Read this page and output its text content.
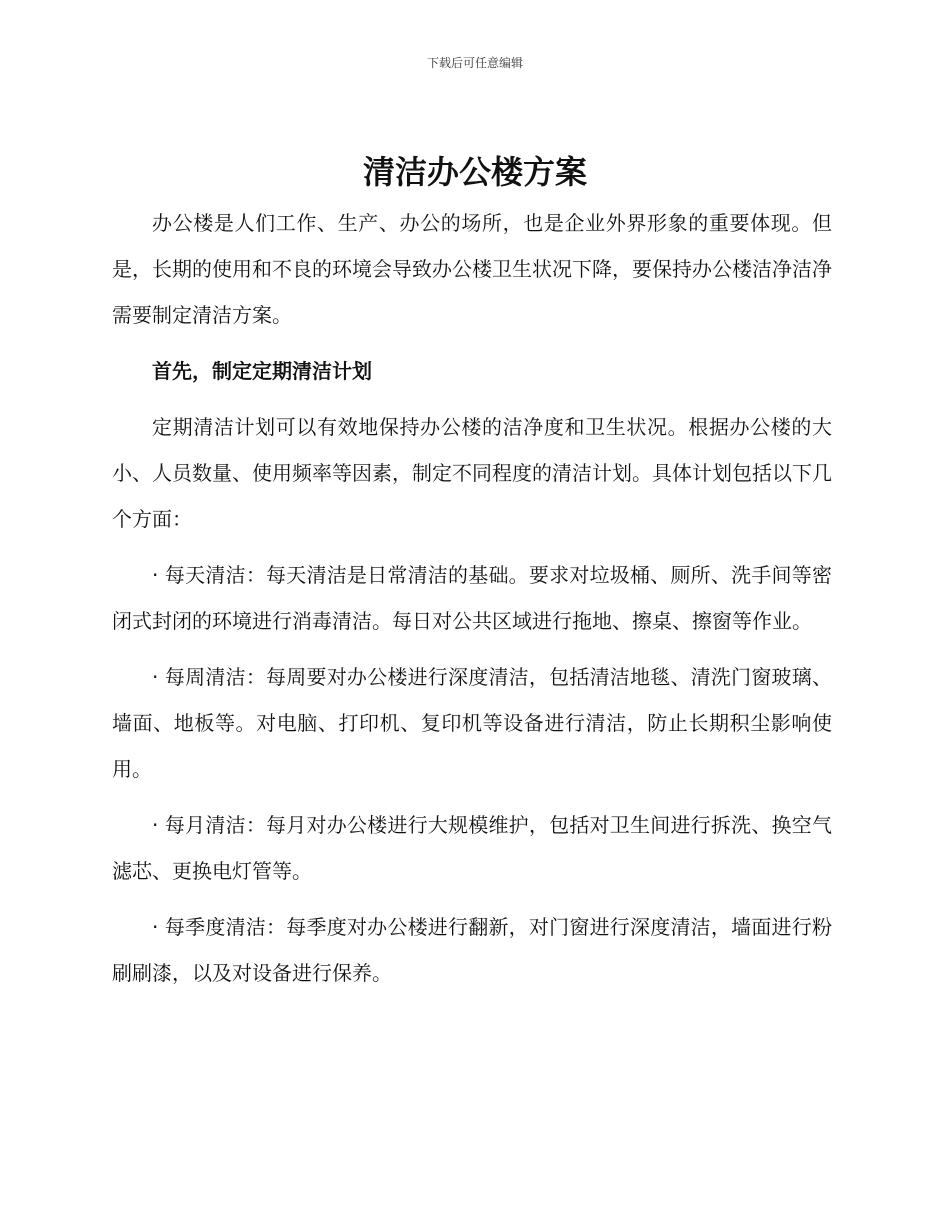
下载后可任意编辑
清洁办公楼方案

办公楼是人们工作、生产、办公的场所，也是企业外界形象的重要体现。但是，长期的使用和不良的环境会导致办公楼卫生状况下降，要保持办公楼洁净洁净需要制定清洁方案。

首先，制定定期清洁计划

定期清洁计划可以有效地保持办公楼的洁净度和卫生状况。根据办公楼的大小、人员数量、使用频率等因素，制定不同程度的清洁计划。具体计划包括以下几个方面：

· 每天清洁：每天清洁是日常清洁的基础。要求对垃圾桶、厕所、洗手间等密闭式封闭的环境进行消毒清洁。每日对公共区域进行拖地、擦桌、擦窗等作业。

· 每周清洁：每周要对办公楼进行深度清洁，包括清洁地毯、清洗门窗玻璃、墙面、地板等。对电脑、打印机、复印机等设备进行清洁，防止长期积尘影响使用。

· 每月清洁：每月对办公楼进行大规模维护，包括对卫生间进行拆洗、换空气滤芯、更换电灯管等。

· 每季度清洁：每季度对办公楼进行翻新，对门窗进行深度清洁，墙面进行粉刷刷漆，以及对设备进行保养。
